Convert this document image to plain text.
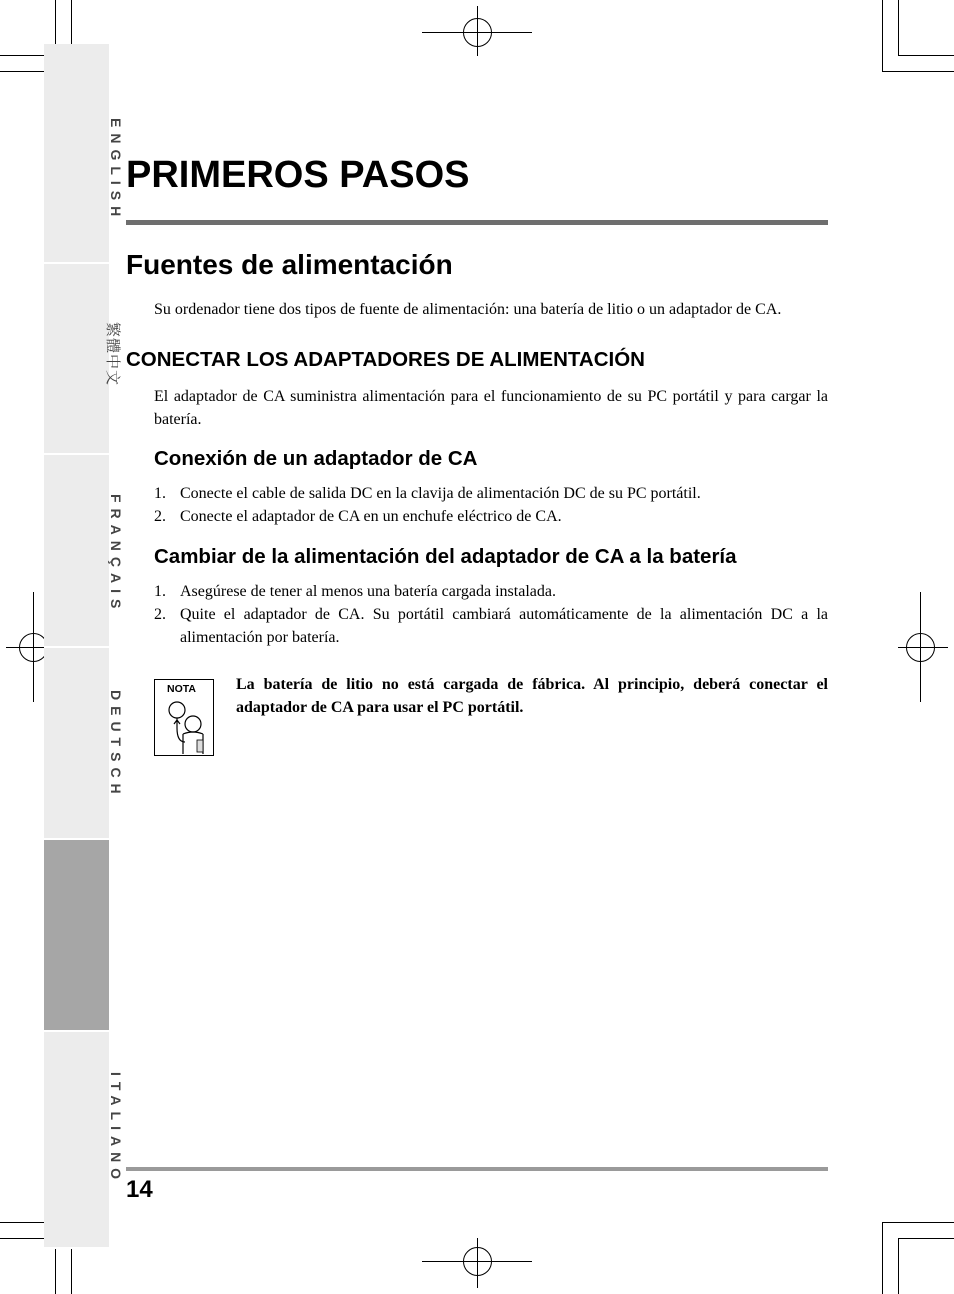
ENGLISH
繁體中文
FRANÇAIS
DEUTSCH
ESPAÑOL
ITALIANO
PRIMEROS PASOS
Fuentes de alimentación

Su ordenador tiene dos tipos de fuente de alimentación: una batería de litio o un adaptador de CA.

CONECTAR LOS ADAPTADORES DE ALIMENTACIÓN

El adaptador de CA suministra alimentación para el funcionamiento de su PC portátil y para cargar la batería.

Conexión de un adaptador de CA
1. Conecte el cable de salida DC en la clavija de alimentación DC de su PC portátil.
2. Conecte el adaptador de CA en un enchufe eléctrico de CA.
Cambiar de la alimentación del adaptador de CA a la batería
1. Asegúrese de tener al menos una batería cargada instalada.
2. Quite el adaptador de CA. Su portátil cambiará automáticamente de la alimentación DC a la alimentación por batería.
NOTA	La batería de litio no está cargada de fábrica. Al principio, deberá conectar el adaptador de CA para usar el PC portátil.

14
